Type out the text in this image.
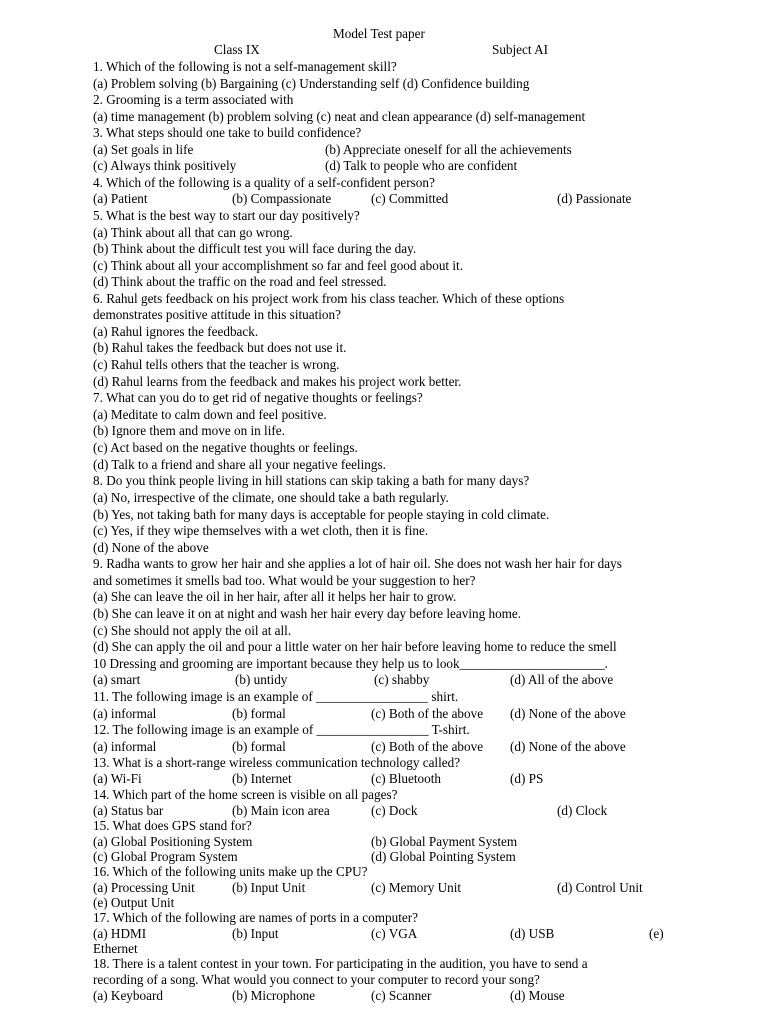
Model Test paper
Class IX	Subject AI
1. Which of the following is not a self-management skill?
(a) Problem solving (b) Bargaining (c) Understanding self (d) Confidence building
2. Grooming is a term associated with
(a) time management (b) problem solving (c) neat and clean appearance (d) self-management
3. What steps should one take to build confidence?
(a) Set goals in life	(b) Appreciate oneself for all the achievements
(c) Always think positively	(d) Talk to people who are confident
4. Which of the following is a quality of a self-confident person?
(a) Patient	(b) Compassionate	(c) Committed	(d) Passionate
5. What is the best way to start our day positively?
(a) Think about all that can go wrong.
(b) Think about the difficult test you will face during the day.
(c) Think about all your accomplishment so far and feel good about it.
(d) Think about the traffic on the road and feel stressed.
6. Rahul gets feedback on his project work from his class teacher. Which of these options
demonstrates positive attitude in this situation?
(a) Rahul ignores the feedback.
(b) Rahul takes the feedback but does not use it.
(c) Rahul tells others that the teacher is wrong.
(d) Rahul learns from the feedback and makes his project work better.
7. What can you do to get rid of negative thoughts or feelings?
(a) Meditate to calm down and feel positive.
(b) Ignore them and move on in life.
(c) Act based on the negative thoughts or feelings.
(d) Talk to a friend and share all your negative feelings.
8. Do you think people living in hill stations can skip taking a bath for many days?
(a) No, irrespective of the climate, one should take a bath regularly.
(b) Yes, not taking bath for many days is acceptable for people staying in cold climate.
(c) Yes, if they wipe themselves with a wet cloth, then it is fine.
(d) None of the above
9. Radha wants to grow her hair and she applies a lot of hair oil. She does not wash her hair for days
and sometimes it smells bad too. What would be your suggestion to her?
(a) She can leave the oil in her hair, after all it helps her hair to grow.
(b) She can leave it on at night and wash her hair every day before leaving home.
(c) She should not apply the oil at all.
(d) She can apply the oil and pour a little water on her hair before leaving home to reduce the smell
10 Dressing and grooming are important because they help us to look______________________.
(a) smart	(b) untidy	(c) shabby	(d) All of the above
11. The following image is an example of _________________ shirt.
(a) informal	(b) formal	(c) Both of the above (d) None of the above
12. The following image is an example of _________________ T-shirt.
(a) informal	(b) formal	(c) Both of the above (d) None of the above
13. What is a short-range wireless communication technology called?
(a) Wi-Fi	(b) Internet	(c) Bluetooth	(d) PS
14. Which part of the home screen is visible on all pages?
(a) Status bar	(b) Main icon area	(c) Dock	(d) Clock
15. What does GPS stand for?
(a) Global Positioning System	(b) Global Payment System
(c) Global Program System	(d) Global Pointing System
16. Which of the following units make up the CPU?
(a) Processing Unit	(b) Input Unit	(c) Memory Unit	(d) Control Unit
(e) Output Unit
17. Which of the following are names of ports in a computer?
(a) HDMI	(b) Input	(c) VGA	(d) USB	(e)
Ethernet
18. There is a talent contest in your town. For participating in the audition, you have to send a
recording of a song. What would you connect to your computer to record your song?
(a) Keyboard	(b) Microphone	(c) Scanner	(d) Mouse
